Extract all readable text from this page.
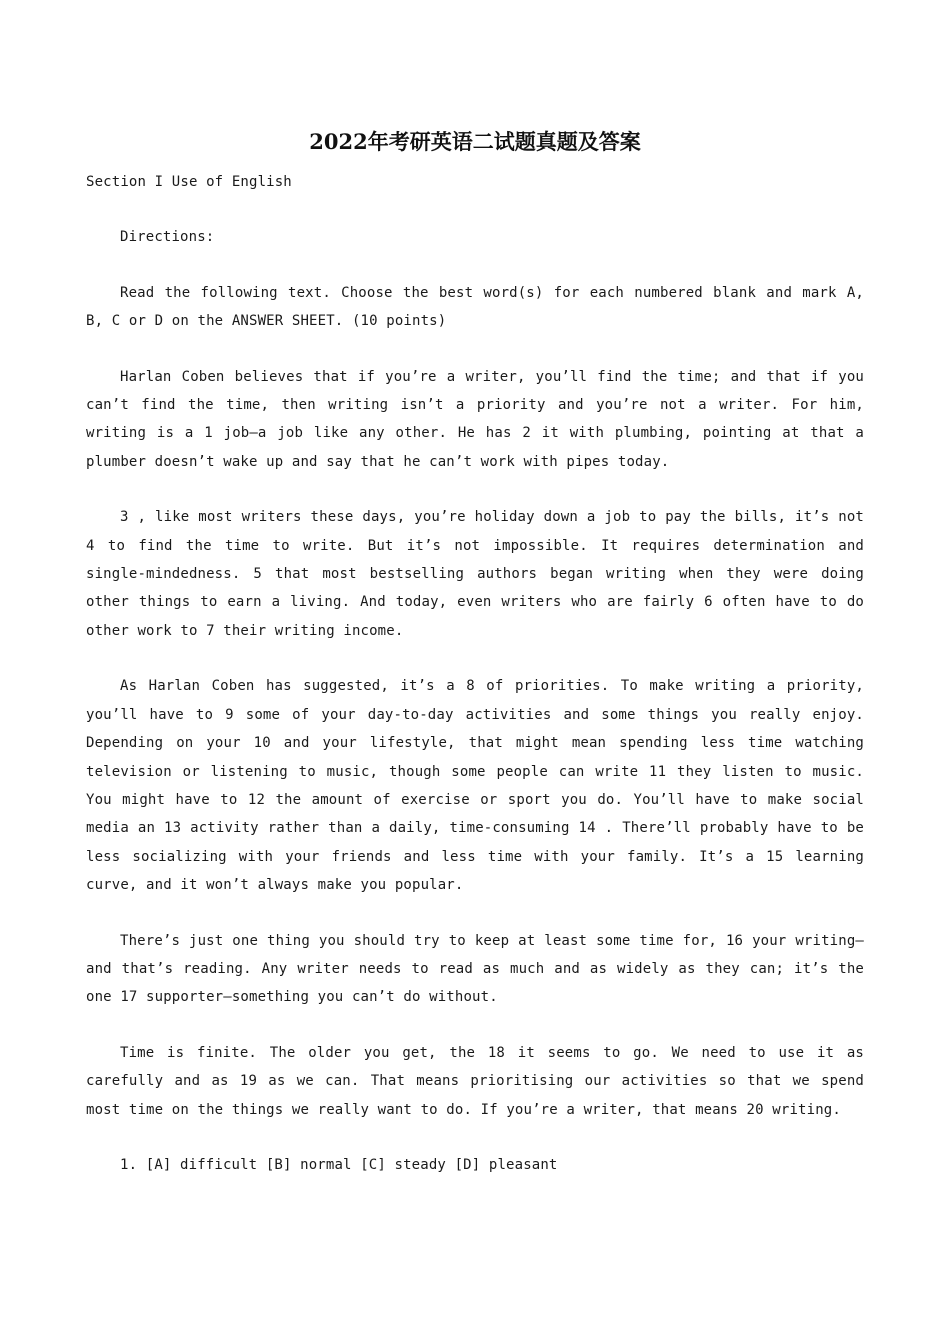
2022年考研英语二试题真题及答案

Section I Use of English

Directions:

Read the following text. Choose the best word(s) for each numbered blank and mark A, B, C or D on the ANSWER SHEET. (10 points)

Harlan Coben believes that if you’re a writer, you’ll find the time; and that if you can’t find the time, then writing isn’t a priority and you’re not a writer. For him, writing is a 1 job–a job like any other. He has 2 it with plumbing, pointing at that a plumber doesn’t wake up and say that he can’t work with pipes today.

3 , like most writers these days, you’re holiday down a job to pay the bills, it’s not 4 to find the time to write. But it’s not impossible. It requires determination and single-mindedness. 5 that most bestselling authors began writing when they were doing other things to earn a living. And today, even writers who are fairly 6 often have to do other work to 7 their writing income.

As Harlan Coben has suggested, it’s a 8 of priorities. To make writing a priority, you’ll have to 9 some of your day-to-day activities and some things you really enjoy. Depending on your 10 and your lifestyle, that might mean spending less time watching television or listening to music, though some people can write 11 they listen to music. You might have to 12 the amount of exercise or sport you do. You’ll have to make social media an 13 activity rather than a daily, time-consuming 14 . There’ll probably have to be less socializing with your friends and less time with your family. It’s a 15 learning curve, and it won’t always make you popular.

There’s just one thing you should try to keep at least some time for, 16 your writing–and that’s reading. Any writer needs to read as much and as widely as they can; it’s the one 17 supporter–something you can’t do without.

Time is finite. The older you get, the 18 it seems to go. We need to use it as carefully and as 19 as we can. That means prioritising our activities so that we spend most time on the things we really want to do. If you’re a writer, that means 20 writing.

1. [A] difficult [B] normal [C] steady [D] pleasant
